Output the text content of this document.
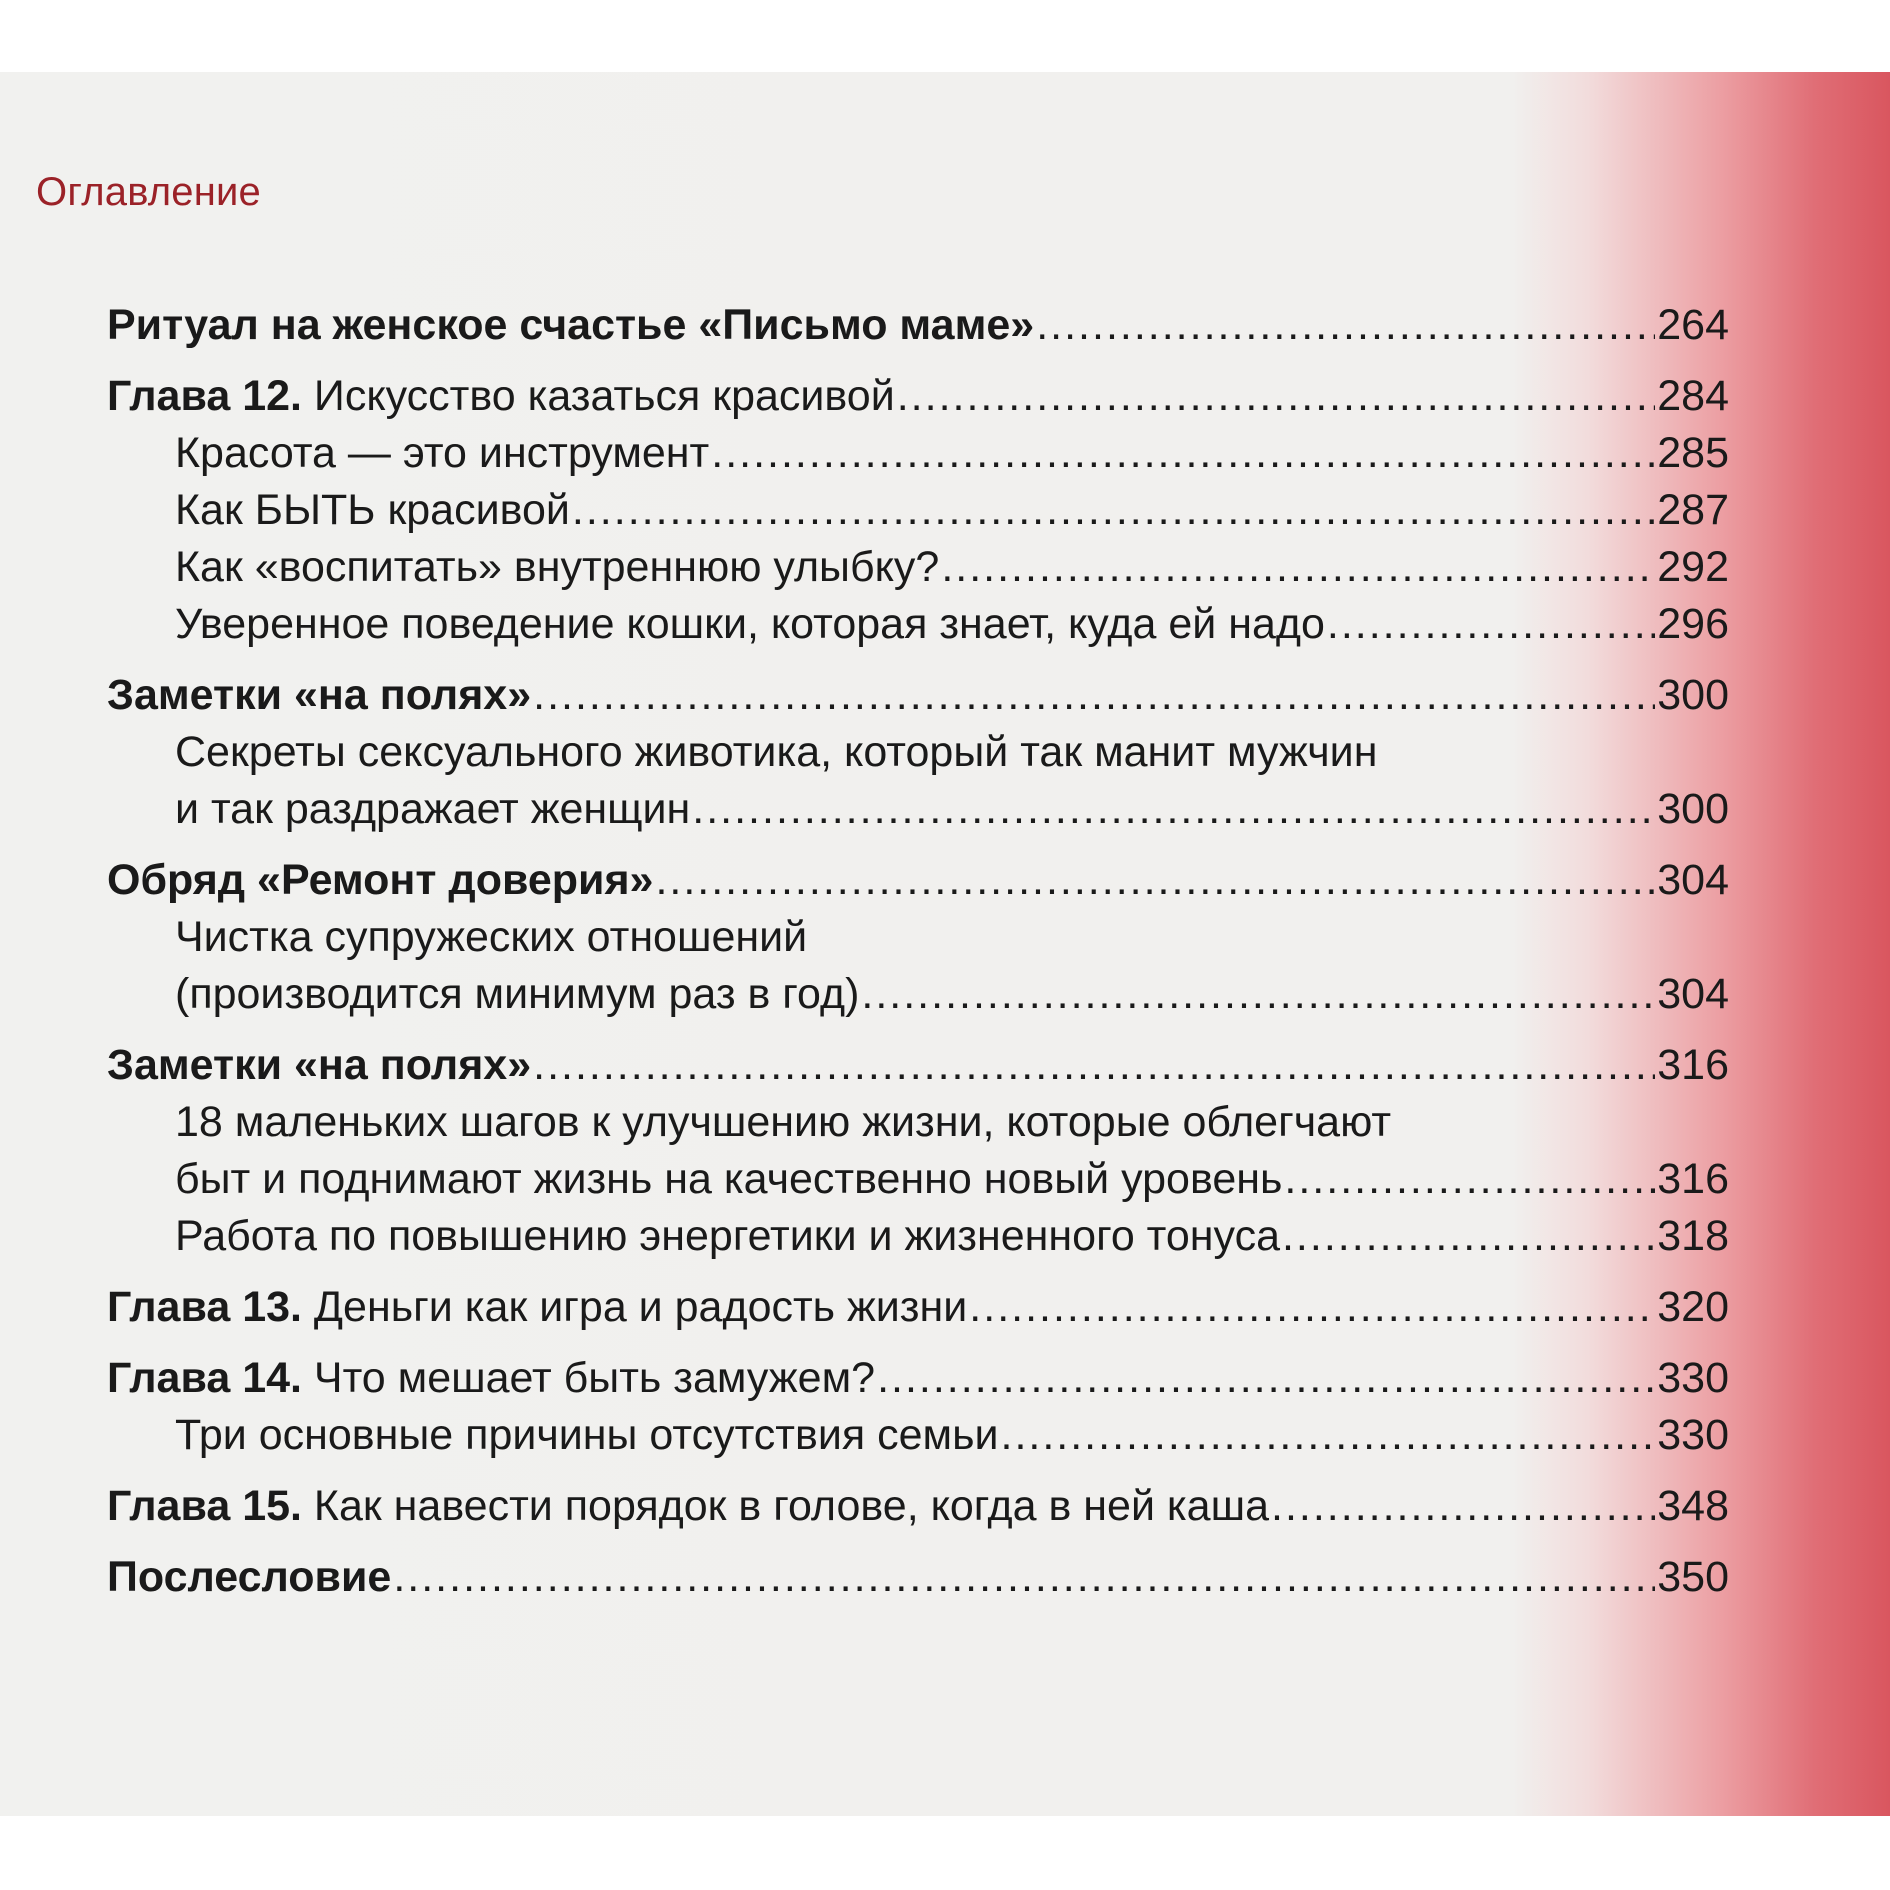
Оглавление
Ритуал на женское счастье «Письмо маме» .....	264
Глава 12. Искусство казаться красивой .....	284
Красота — это инструмент .....	285
Как БЫТЬ красивой .....	287
Как «воспитать» внутреннюю улыбку? .....	292
Уверенное поведение кошки, которая знает, куда ей надо .....	296
Заметки «на полях» .....	300
Секреты сексуального животика, который так манит мужчин
и так раздражает женщин .....	300
Обряд «Ремонт доверия» .....	304
Чистка супружеских отношений
(производится минимум раз в год) .....	304
Заметки «на полях» .....	316
18 маленьких шагов к улучшению жизни, которые облегчают
быт и поднимают жизнь на качественно новый уровень .....	316
Работа по повышению энергетики и жизненного тонуса .....	318
Глава 13. Деньги как игра и радость жизни .....	320
Глава 14. Что мешает быть замужем? .....	330
Три основные причины отсутствия семьи .....	330
Глава 15. Как навести порядок в голове, когда в ней каша .....	348
Послесловие .....	350
